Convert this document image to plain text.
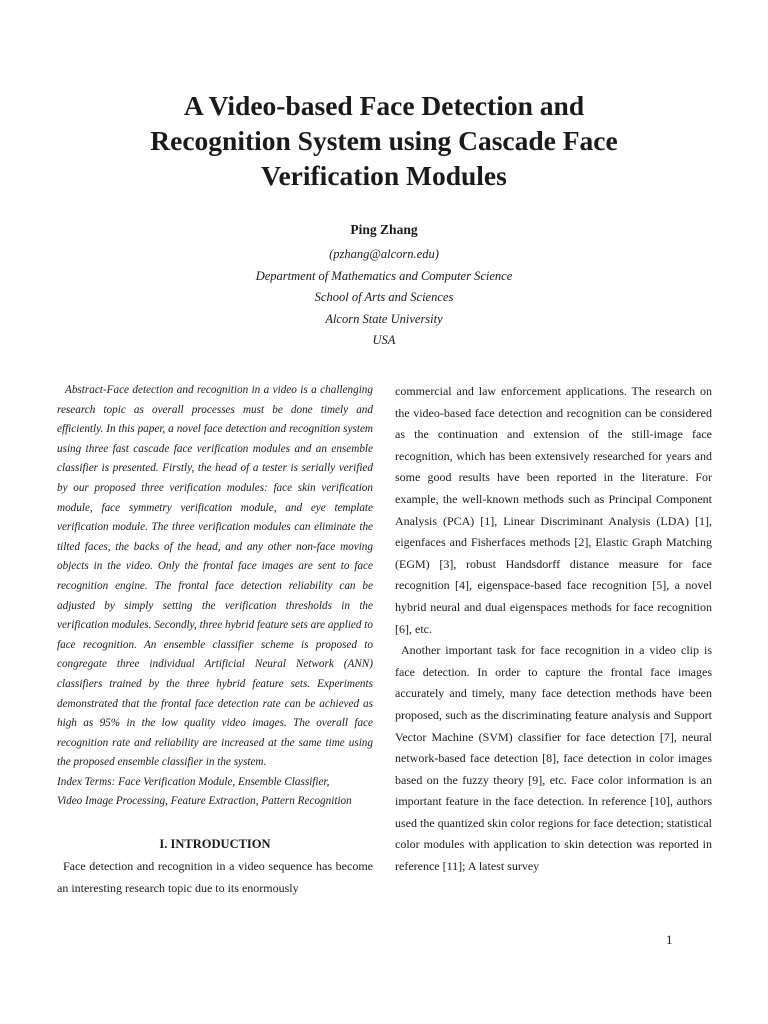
A Video-based Face Detection and
Recognition System using Cascade Face
Verification Modules
Ping Zhang
(pzhang@alcorn.edu)
Department of Mathematics and Computer Science
School of Arts and Sciences
Alcorn State University
USA

Abstract-Face detection and recognition in a video is a challenging research topic as overall processes must be done timely and efficiently. In this paper, a novel face detection and recognition system using three fast cascade face verification modules and an ensemble classifier is presented. Firstly, the head of a tester is serially verified by our proposed three verification modules: face skin verification module, face symmetry verification module, and eye template verification module. The three verification modules can eliminate the tilted faces, the backs of the head, and any other non-face moving objects in the video. Only the frontal face images are sent to face recognition engine. The frontal face detection reliability can be adjusted by simply setting the verification thresholds in the verification modules. Secondly, three hybrid feature sets are applied to face recognition. An ensemble classifier scheme is proposed to congregate three individual Artificial Neural Network (ANN) classifiers trained by the three hybrid feature sets. Experiments demonstrated that the frontal face detection rate can be achieved as high as 95% in the low quality video images. The overall face recognition rate and reliability are increased at the same time using the proposed ensemble classifier in the system.

Index Terms: Face Verification Module, Ensemble Classifier,
Video Image Processing, Feature Extraction, Pattern Recognition
I. INTRODUCTION

Face detection and recognition in a video sequence has become an interesting research topic due to its enormously

commercial and law enforcement applications. The research on the video-based face detection and recognition can be considered as the continuation and extension of the still-image face recognition, which has been extensively researched for years and some good results have been reported in the literature. For example, the well-known methods such as Principal Component Analysis (PCA) [1], Linear Discriminant Analysis (LDA) [1], eigenfaces and Fisherfaces methods [2], Elastic Graph Matching (EGM) [3], robust Handsdorff distance measure for face recognition [4], eigenspace-based face recognition [5], a novel hybrid neural and dual eigenspaces methods for face recognition [6], etc.

Another important task for face recognition in a video clip is face detection. In order to capture the frontal face images accurately and timely, many face detection methods have been proposed, such as the discriminating feature analysis and Support Vector Machine (SVM) classifier for face detection [7], neural network-based face detection [8], face detection in color images based on the fuzzy theory [9], etc. Face color information is an important feature in the face detection. In reference [10], authors used the quantized skin color regions for face detection; statistical color modules with application to skin detection was reported in reference [11]; A latest survey

1
